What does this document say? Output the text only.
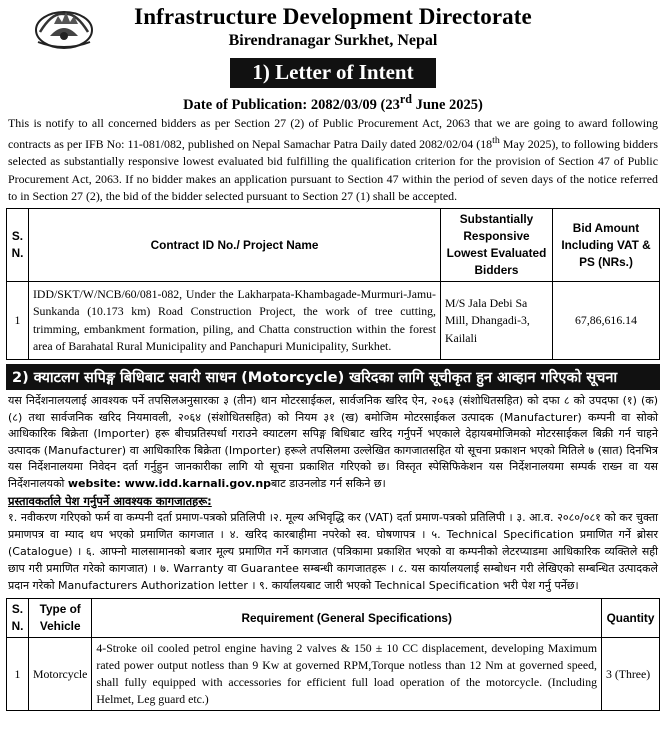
Infrastructure Development Directorate
Birendranagar Surkhet, Nepal
1) Letter of Intent
Date of Publication: 2082/03/09 (23rd June 2025)
This is notify to all concerned bidders as per Section 27 (2) of Public Procurement Act, 2063 that we are going to award following contracts as per IFB No: 11-081/082, published on Nepal Samachar Patra Daily dated 2082/02/04 (18th May 2025), to following bidders selected as substantially responsive lowest evaluated bid fulfilling the qualification criterion for the provision of Section 47 of Public Procurement Act, 2063. If no bidder makes an application pursuant to Section 47 within the period of seven days of the notice referred to in Section 27 (2), the bid of the bidder selected pursuant to Section 27 (1) shall be accepted.
S. N.	Contract ID No./ Project Name	Substantially Responsive Lowest Evaluated Bidders	Bid Amount Including VAT & PS (NRs.)
1	IDD/SKT/W/NCB/60/081-082, Under the Lakharpata-Khambagade-Murmuri-Jamu-Sunkanda (10.173 km) Road Construction Project, the work of tree cutting, trimming, embankment formation, piling, and Chatta construction within the forest area of Barahatal Rural Municipality and Panchapuri Municipality, Surkhet.	M/S Jala Debi Sa Mill, Dhangadi-3, Kailali	67,86,616.14
2) क्याटलग सपिङ्ग बिधिबाट सवारी साधन (Motorcycle) खरिदका लागि सूचीकृत हुन आव्हान गरिएको सूचना
यस निर्देशनालयलाई आवश्यक पर्ने तपसिलअनुसारका ३ (तीन) थान मोटरसाईकल, सार्वजनिक खरिद ऐन, २०६३ (संशोधितसहित) को दफा ८ को उपदफा (१) (क) (८) तथा सार्वजनिक खरिद नियमावली, २०६४ (संशोधितसहित) को नियम ३१ (ख) बमोजिम मोटरसाईकल उत्पादक (Manufacturer) कम्पनी वा सोको आधिकारिक बिक्रेता (Importer) हरू बीचप्रतिस्पर्धा गराउने क्याटलग सपिङ्ग बिधिबाट खरिद गर्नुपर्ने भएकाले देहायबमोजिमको मोटरसाईकल बिक्री गर्न चाहने उत्पादक (Manufacturer) वा आधिकारिक बिक्रेता (Importer) हरूले तपसिलमा उल्लेखित कागजातसहित यो सूचना प्रकाशन भएको मितिले ७ (सात) दिनभित्र यस निर्देशनालयमा निवेदन दर्ता गर्नुहुन जानकारीका लागि यो सूचना प्रकाशित गरिएको छ। विस्तृत स्पेसिफिकेशन यस निर्देशनालयमा सम्पर्क राख्न वा यस निर्देशनालयको website: www.idd.karnali.gov.npबाट डाउनलोड गर्न सकिने छ।
प्रस्तावकर्ताले पेश गर्नुपर्ने आवश्यक कागजातहरू:
१. नवीकरण गरिएको फर्म वा कम्पनी दर्ता प्रमाण-पत्रको प्रतिलिपी ।२. मूल्य अभिवृद्धि कर (VAT) दर्ता प्रमाण-पत्रको प्रतिलिपी । ३. आ.व. २०८०/०८१ को कर चुक्ता प्रमाणपत्र वा म्याद थप भएको प्रमाणित कागजात । ४. खरिद कारबाहीमा नपरेको स्व. घोषणापत्र । ५. Technical Specification प्रमाणित गर्ने ब्रोसर (Catalogue) । ६. आफ्नो मालसामानको बजार मूल्य प्रमाणित गर्ने कागजात (पत्रिकामा प्रकाशित भएको वा कम्पनीको लेटरप्याडमा आधिकारिक व्यक्तिले सही छाप गरी प्रमाणित गरेको कागजात) । ७. Warranty वा Guarantee सम्बन्धी कागजातहरू । ८. यस कार्यालयलाई सम्बोधन गरी लेखिएको सम्बन्धित उत्पादकले प्रदान गरेको Manufacturers Authorization letter । ९. कार्यालयबाट जारी भएको Technical Specification भरी पेश गर्नु पर्नेछ।
S. N.	Type of Vehicle	Requirement (General Specifications)	Quantity
1	Motorcycle	4-Stroke oil cooled petrol engine having 2 valves & 150 ± 10 CC displacement, developing Maximum rated power output notless than 9 Kw at governed RPM,Torque notless than 12 Nm at governed speed, shall fully equipped with accessories for efficient full load operation of the motorcycle. (Including Helmet, Leg guard etc.)	3 (Three)
